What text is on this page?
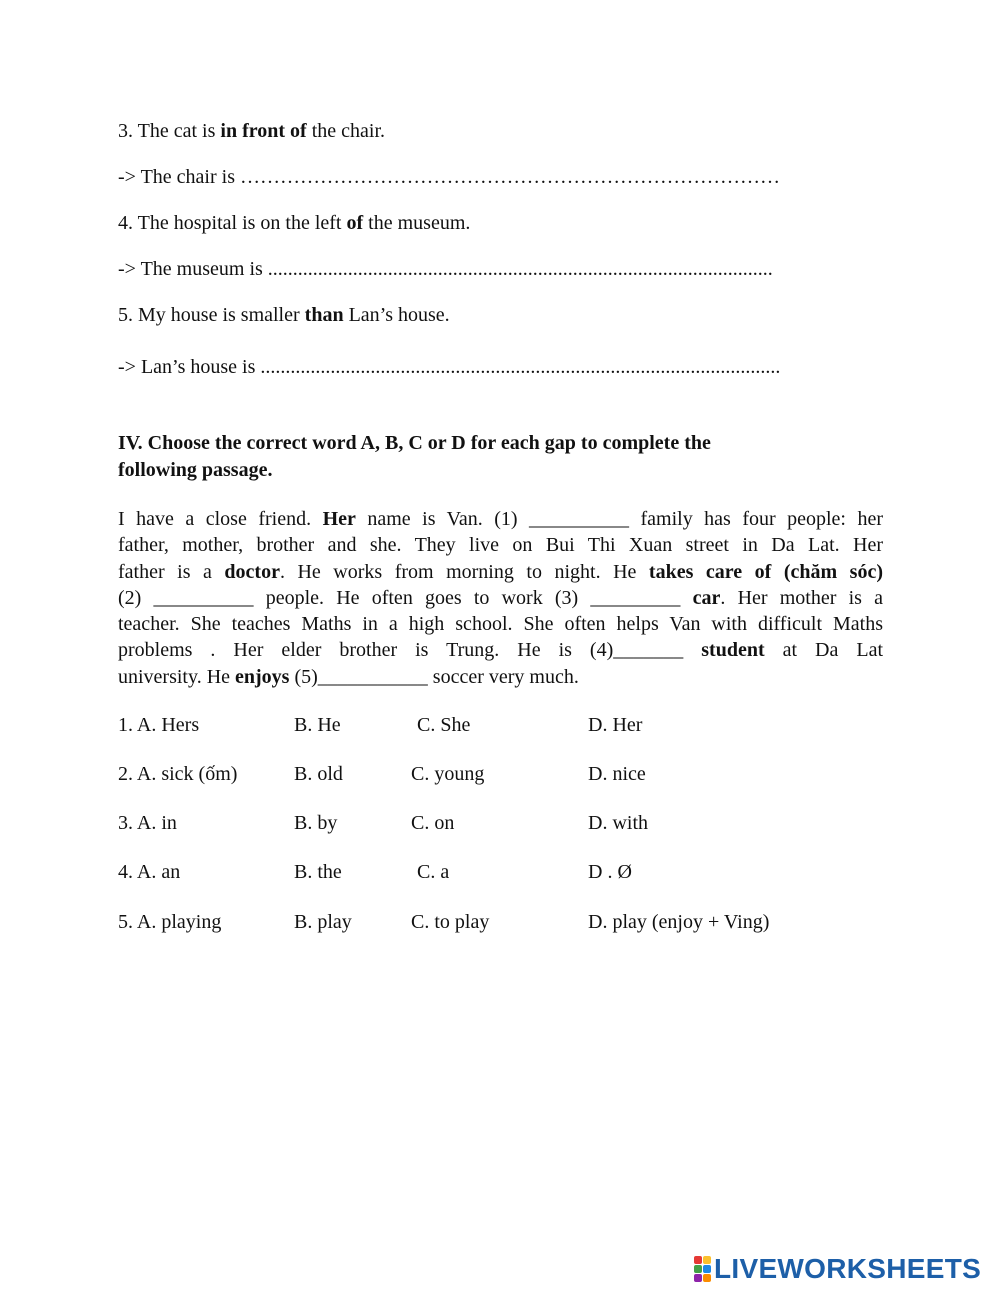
3. The cat is in front of the chair.
-> The chair is ………………………………………………………………………
4. The hospital is on the left of the museum.
-> The museum is .....................................................................................................
5. My house is smaller than Lan’s house.
-> Lan’s house is ........................................................................................................
IV. Choose the correct word A, B, C or D for each gap to complete the
following passage.
I have a close friend. Her name is Van. (1) __________ family has four people: her
father, mother, brother and she. They live on Bui Thi Xuan street in Da Lat. Her
father is a doctor. He works from morning to night. He takes care of (chăm sóc)
(2) __________ people. He often goes to work (3) _________ car. Her mother is a
teacher. She teaches Maths in a high school. She often helps Van with difficult Maths
problems . Her elder brother is Trung. He is (4)_______ student at Da Lat
university. He enjoys (5)___________ soccer very much.
1. A. Hers	B. He	C. She	D. Her
2. A. sick (ốm)	B. old	C. young	D. nice
3. A. in	B. by	C. on	D. with
4. A. an	B. the	C. a	D . Ø
5. A. playing	B. play	C. to play	D. play (enjoy + Ving)
LIVEWORKSHEETS
